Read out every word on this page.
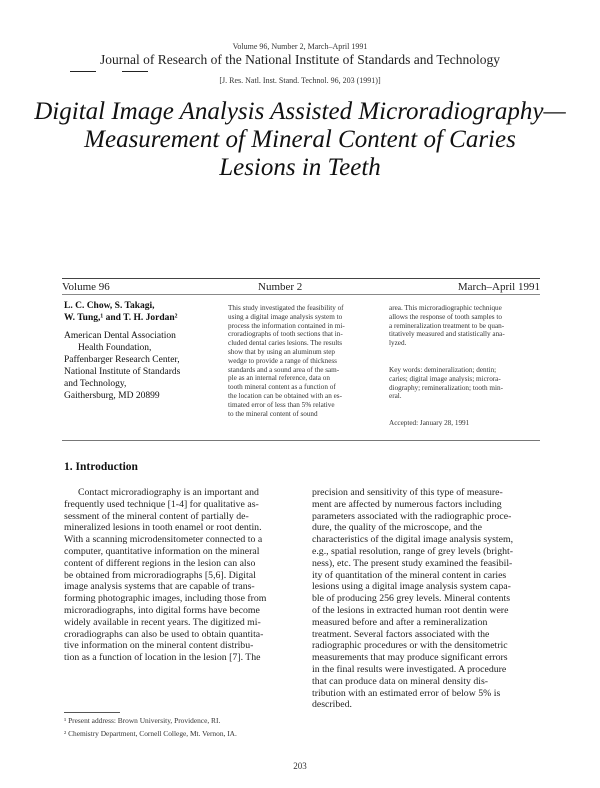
Volume 96, Number 2, March–April 1991
Journal of Research of the National Institute of Standards and Technology
[J. Res. Natl. Inst. Stand. Technol. 96, 203 (1991)]
Digital Image Analysis Assisted Microradiography—
Measurement of Mineral Content of Caries
Lesions in Teeth
Volume 96	Number 2	March–April 1991
L. C. Chow, S. Takagi,
W. Tung,¹ and T. H. Jordan²
American Dental Association
Health Foundation,
Paffenbarger Research Center,
National Institute of Standards
and Technology,
Gaithersburg, MD 20899
This study investigated the feasibility of
using a digital image analysis system to
process the information contained in mi-
croradiographs of tooth sections that in-
cluded dental caries lesions. The results
show that by using an aluminum step
wedge to provide a range of thickness
standards and a sound area of the sam-
ple as an internal reference, data on
tooth mineral content as a function of
the location can be obtained with an es-
timated error of less than 5% relative
to the mineral content of sound
area. This microradiographic technique
allows the response of tooth samples to
a remineralization treatment to be quan-
titatively measured and statistically ana-
lyzed.
Key words: demineralization; dentin;
caries; digital image analysis; microra-
diography; remineralization; tooth min-
eral.
Accepted: January 28, 1991
1. Introduction
Contact microradiography is an important and
frequently used technique [1-4] for qualitative as-
sessment of the mineral content of partially de-
mineralized lesions in tooth enamel or root dentin.
With a scanning microdensitometer connected to a
computer, quantitative information on the mineral
content of different regions in the lesion can also
be obtained from microradiographs [5,6]. Digital
image analysis systems that are capable of trans-
forming photographic images, including those from
microradiographs, into digital forms have become
widely available in recent years. The digitized mi-
croradiographs can also be used to obtain quantita-
tive information on the mineral content distribu-
tion as a function of location in the lesion [7]. The
precision and sensitivity of this type of measure-
ment are affected by numerous factors including
parameters associated with the radiographic proce-
dure, the quality of the microscope, and the
characteristics of the digital image analysis system,
e.g., spatial resolution, range of grey levels (bright-
ness), etc. The present study examined the feasibil-
ity of quantitation of the mineral content in caries
lesions using a digital image analysis system capa-
ble of producing 256 grey levels. Mineral contents
of the lesions in extracted human root dentin were
measured before and after a remineralization
treatment. Several factors associated with the
radiographic procedures or with the densitometric
measurements that may produce significant errors
in the final results were investigated. A procedure
that can produce data on mineral density dis-
tribution with an estimated error of below 5% is
described.
¹ Present address: Brown University, Providence, RI.
² Chemistry Department, Cornell College, Mt. Vernon, IA.
203
